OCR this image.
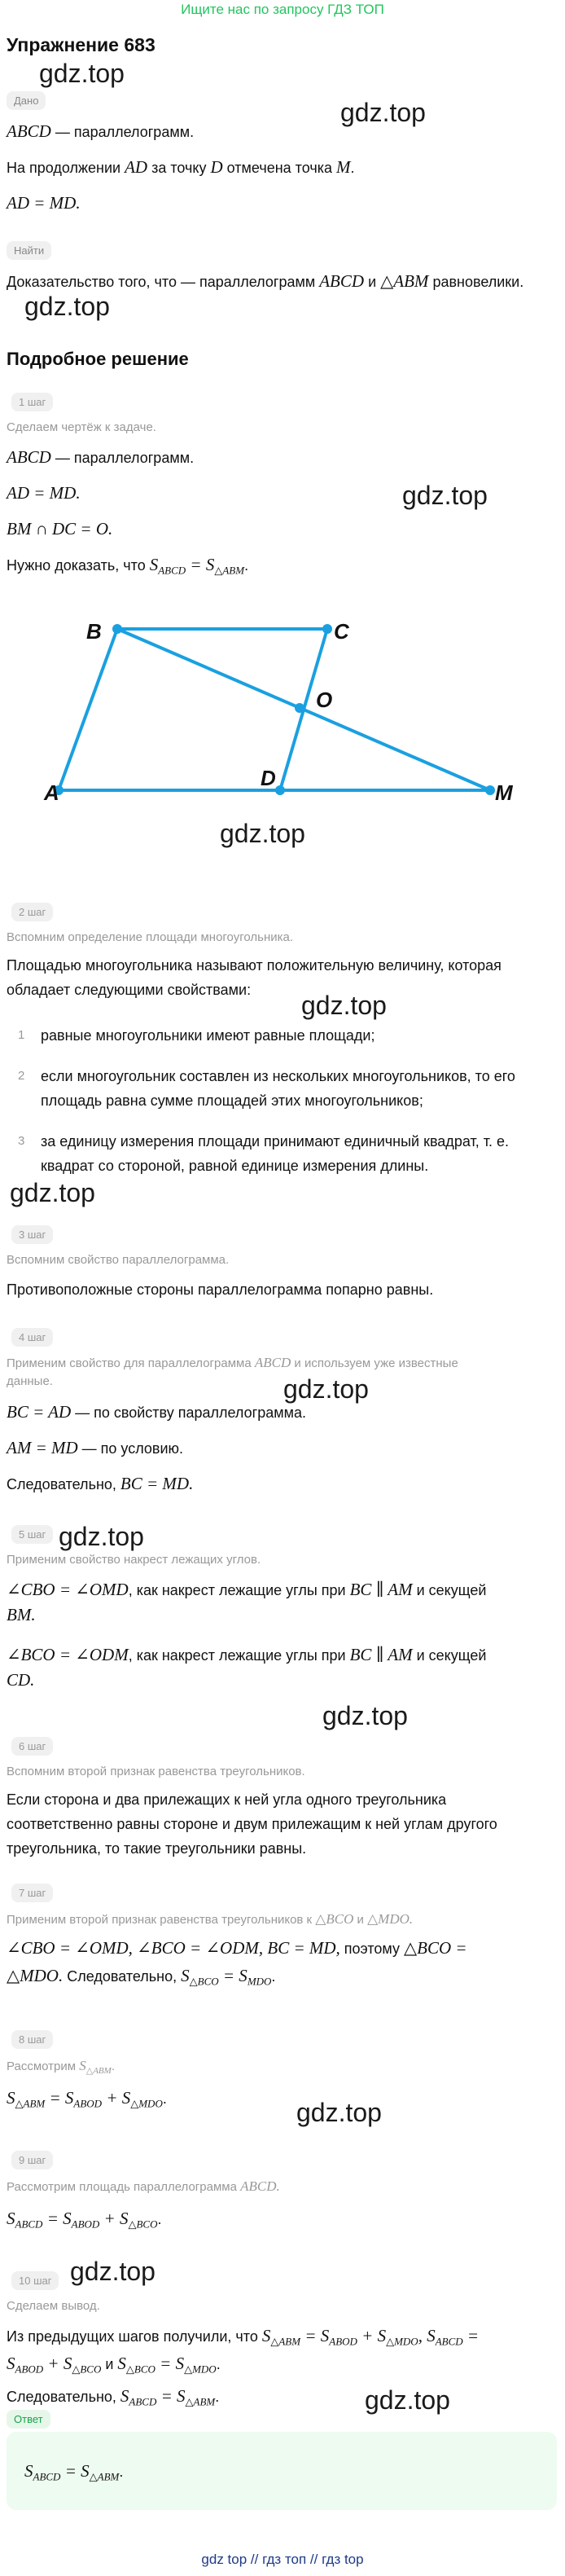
Ищите нас по запросу ГДЗ ТОП
Упражнение 683
gdz.top
gdz.top
gdz.top
gdz.top
gdz.top
gdz.top
gdz.top
gdz.top
gdz.top
gdz.top
gdz.top
gdz.top
gdz.top
Дано
ABCD — параллелограмм.
На продолжении AD за точку D отмечена точка M.
AD = MD.
Найти
Доказательство того, что — параллелограмм ABCD и △ABM равновелики.
Подробное решение
1 шаг
Сделаем чертёж к задаче.
ABCD — параллелограмм.
AD = MD.
BM ∩ DC = O.
Нужно доказать, что $S_{ABCD} = S_{\triangle ABM}$.
A
B	C
D
O
M
2 шаг
Вспомним определение площади многоугольника.
Площадью многоугольника называют положительную величину, которая
обладает следующими свойствами:
1 равные многоугольники имеют равные площади;
2 если многоугольник составлен из нескольких многоугольников, то его
площадь равна сумме площадей этих многоугольников;
3 за единицу измерения площади принимают единичный квадрат, т. е.
квадрат со стороной, равной единице измерения длины.
3 шаг
Вспомним свойство параллелограмма.
Противоположные стороны параллелограмма попарно равны.
4 шаг
Применим свойство для параллелограмма ABCD и используем уже известные
данные.
BC = AD — по свойству параллелограмма.
AM = MD — по условию.
Следовательно, BC = MD.
5 шаг
Применим свойство накрест лежащих углов.
∠CBO = ∠OMD, как накрест лежащие углы при BC ∥ AM и секущей
BM.
∠BCO = ∠ODM, как накрест лежащие углы при BC ∥ AM и секущей
CD.
6 шаг
Вспомним второй признак равенства треугольников.
Если сторона и два прилежащих к ней угла одного треугольника
соответственно равны стороне и двум прилежащим к ней углам другого
треугольника, то такие треугольники равны.
7 шаг
Применим второй признак равенства треугольников к △BCO и △MDO.
∠CBO = ∠OMD, ∠BCO = ∠ODM, BC = MD, поэтому △BCO =
△MDO. Следовательно, $S_{\triangle BCO} = S_{MDO}$.
8 шаг
Рассмотрим $S_{\triangle ABM}$.
$S_{\triangle ABM} = S_{ABOD} + S_{\triangle MDO}$.
9 шаг
Рассмотрим площадь параллелограмма ABCD.
$S_{ABCD} = S_{ABOD} + S_{\triangle BCO}$.
10 шаг
Сделаем вывод.
Из предыдущих шагов получили, что $S_{\triangle ABM} = S_{ABOD} + S_{\triangle MDO}$, $S_{ABCD}$ =
$S_{ABOD} + S_{\triangle BCO}$ и $S_{\triangle BCO} = S_{\triangle MDO}$.
Следовательно, $S_{ABCD} = S_{\triangle ABM}$.
Ответ
$S_{ABCD} = S_{\triangle ABM}$.
gdz top // гдз топ // гдз top
